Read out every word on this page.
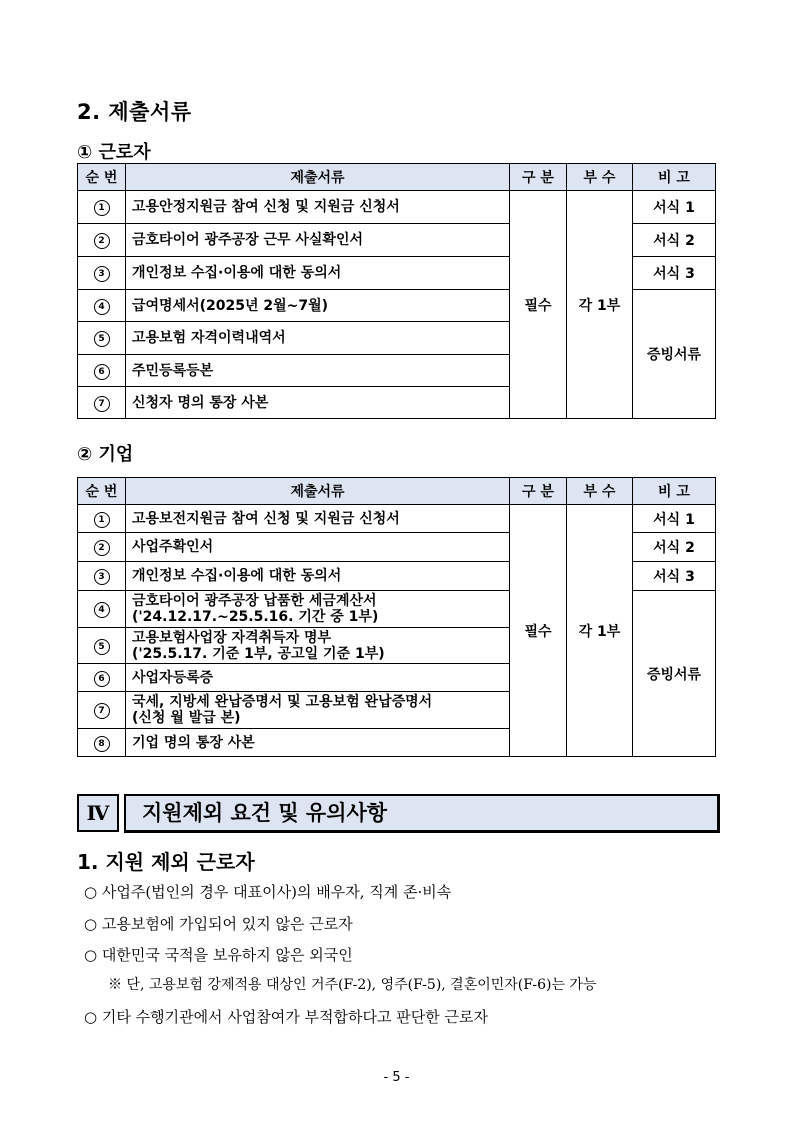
2. 제출서류
① 근로자
순 번	제출서류	구 분	부 수	비 고
1	고용안정지원금 참여 신청 및 지원금 신청서	필수	각 1부	서식 1
2	금호타이어 광주공장 근무 사실확인서			서식 2
3	개인정보 수집·이용에 대한 동의서			서식 3
4	급여명세서(2025년 2월~7월)			증빙서류
5	고용보험 자격이력내역서			
6	주민등록등본			
7	신청자 명의 통장 사본			
② 기업
순 번	제출서류	구 분	부 수	비 고
1	고용보전지원금 참여 신청 및 지원금 신청서	필수	각 1부	서식 1
2	사업주확인서			서식 2
3	개인정보 수집·이용에 대한 동의서			서식 3
4	금호타이어 광주공장 납품한 세금계산서
('24.12.17.~25.5.16. 기간 중 1부)			증빙서류
5	고용보험사업장 자격취득자 명부
('25.5.17. 기준 1부, 공고일 기준 1부)			

6	사업자등록증			
7	국세, 지방세 완납증명서 및 고용보험 완납증명서
(신청 월 발급 본)			

8	기업 명의 통장 사본			
Ⅳ	지원제외 요건 및 유의사항
1. 지원 제외 근로자
○ 사업주(법인의 경우 대표이사)의 배우자, 직계 존·비속
○ 고용보험에 가입되어 있지 않은 근로자
○ 대한민국 국적을 보유하지 않은 외국인
※ 단, 고용보험 강제적용 대상인 거주(F-2), 영주(F-5), 결혼이민자(F-6)는 가능
○ 기타 수행기관에서 사업참여가 부적합하다고 판단한 근로자
- 5 -
